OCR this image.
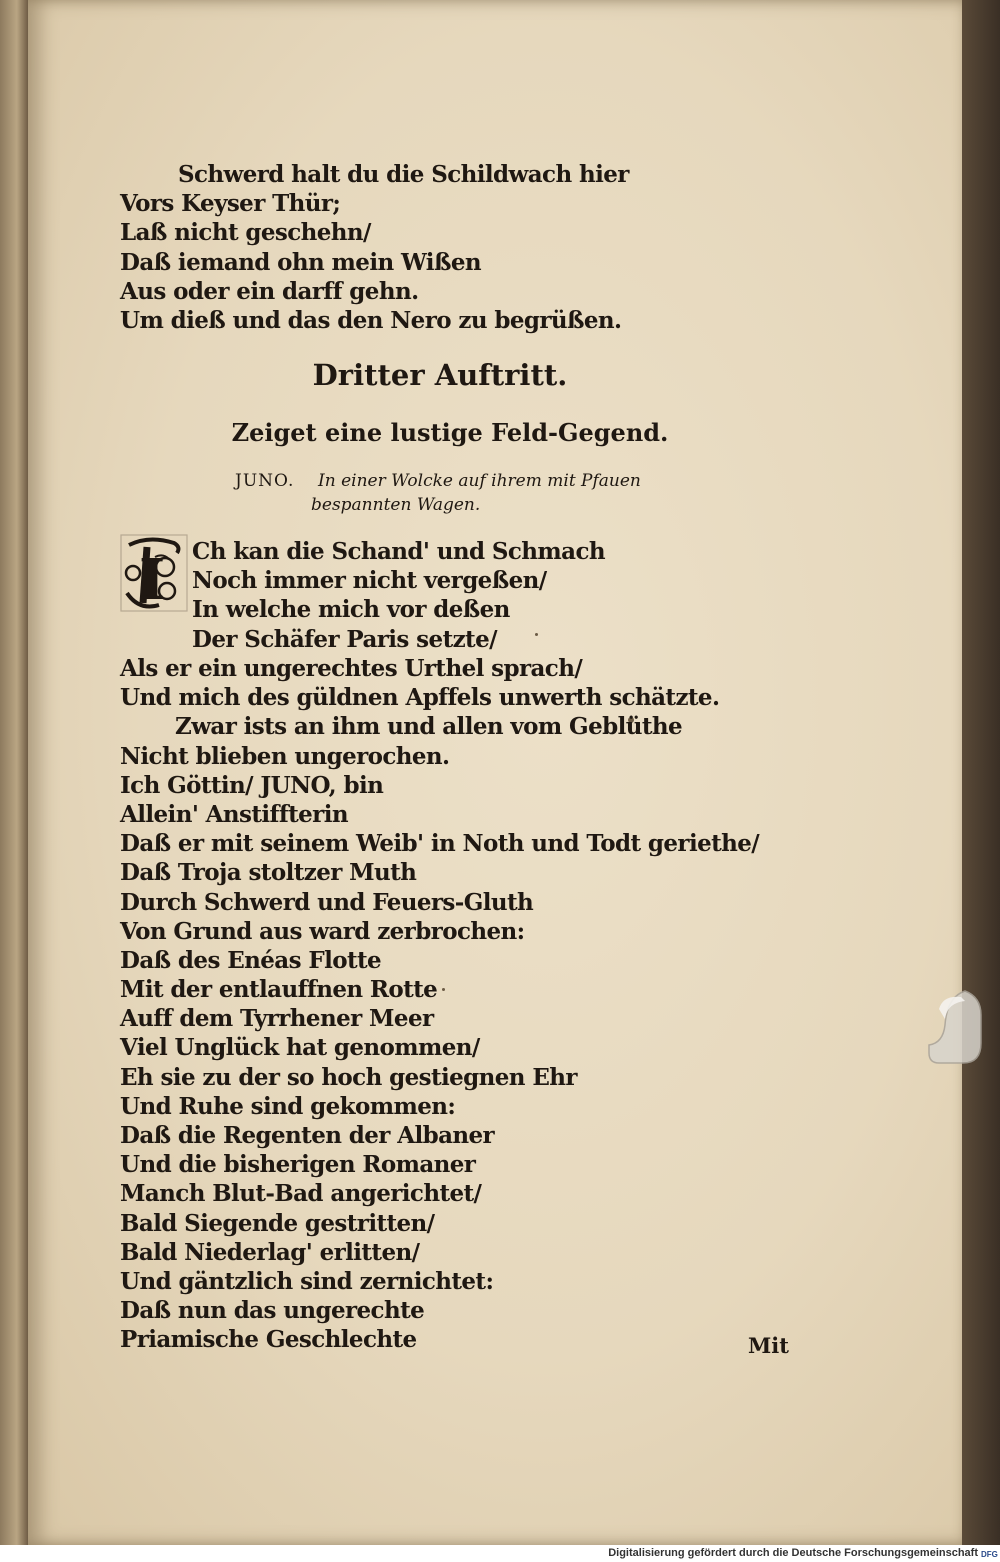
Schwerd halt du die Schildwach hier
Vors Keyser Thür;
Laß nicht geschehn/
Daß iemand ohn mein Wißen
Aus oder ein darff gehn.
Um dieß und das den Nero zu begrüßen.
Dritter Auftritt.
Zeiget eine lustige Feld-Gegend.
JUNO. In einer Wolcke auf ihrem mit Pfauen
bespannten Wagen.
I Ch kan die Schand' und Schmach
Noch immer nicht vergeßen/
In welche mich vor deßen
Der Schäfer Paris setzte/
Als er ein ungerechtes Urthel sprach/
Und mich des güldnen Apffels unwerth schätzte.
Zwar ists an ihm und allen vom Geblüthe
Nicht blieben ungerochen.
Ich Göttin/ JUNO, bin
Allein' Anstiffterin
Daß er mit seinem Weib' in Noth und Todt geriethe/
Daß Troja stoltzer Muth
Durch Schwerd und Feuers-Gluth
Von Grund aus ward zerbrochen:
Daß des Enéas Flotte
Mit der entlauffnen Rotte
Auff dem Tyrrhener Meer
Viel Unglück hat genommen/
Eh sie zu der so hoch gestiegnen Ehr
Und Ruhe sind gekommen:
Daß die Regenten der Albaner
Und die bisherigen Romaner
Manch Blut-Bad angerichtet/
Bald Siegende gestritten/
Bald Niederlag' erlitten/
Und gäntzlich sind zernichtet:
Daß nun das ungerechte
Priamische Geschlechte	Mit
Digitalisierung gefördert durch die Deutsche Forschungsgemeinschaft DFG
